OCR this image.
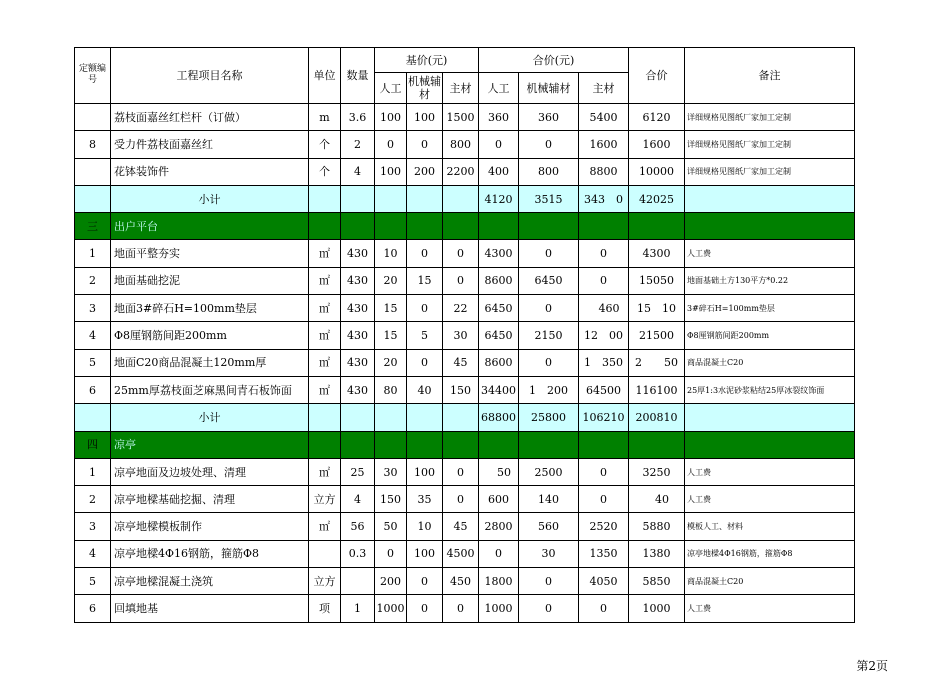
定额编号	工程项目名称	单位	数量	基价(元)			合价(元)			合价	备注
				人工	机械辅材	主材	人工	机械辅材	主材		
	荔枝面嘉丝红栏杆（订做）	m	3.6	100	100	1500	360	360	5400	6120	详细规格见图纸厂家加工定制
8	受力件荔枝面嘉丝红	个	2	0	0	800	0	0	1600	1600	详细规格见图纸厂家加工定制
	花钵装饰件	个	4	100	200	2200	400	800	8800	10000	详细规格见图纸厂家加工定制
	小计						4120	3515	343　0	42025	
三	出户平台										
1	地面平整夯实	㎡	430	10	0	0	4300	0	0	4300	人工费
2	地面基础挖泥	㎡	430	20	15	0	8600	6450	0	15050	地面基础土方130平方*0.22
3	地面3#碎石H=100mm垫层	㎡	430	15	0	22	6450	0	　460	15　10	3#碎石H=100mm垫层
4	Φ8厘钢筋间距200mm	㎡	430	15	5	30	6450	2150	12　00	21500	Φ8厘钢筋间距200mm
5	地面C20商品混凝土120mm厚	㎡	430	20	0	45	8600	0	1　350	2　　50	商品混凝土C20
6	25mm厚荔枝面芝麻黑间青石板饰面	㎡	430	80	40	150	34400	1　200	64500	116100	25厚1:3水泥砂浆粘结25厚冰裂纹饰面
	小计						68800	25800	106210	200810	
四	凉亭										
1	凉亭地面及边坡处理、清理	㎡	25	30	100	0	　50	2500	0	3250	人工费
2	凉亭地樑基础挖掘、清理	立方	4	150	35	0	600	140	0	　40	人工费
3	凉亭地樑模板制作	㎡	56	50	10	45	2800	560	2520	5880	模板人工、材料
4	凉亭地樑4Φ16钢筋，箍筋Φ8		0.3	0	100	4500	0	30	1350	1380	凉亭地樑4Φ16钢筋，箍筋Φ8
5	凉亭地樑混凝土浇筑	立方		200	0	450	1800	0	4050	5850	商品混凝土C20
6	回填地基	项	1	1000	0	0	1000	0	0	1000	人工费
第2页
